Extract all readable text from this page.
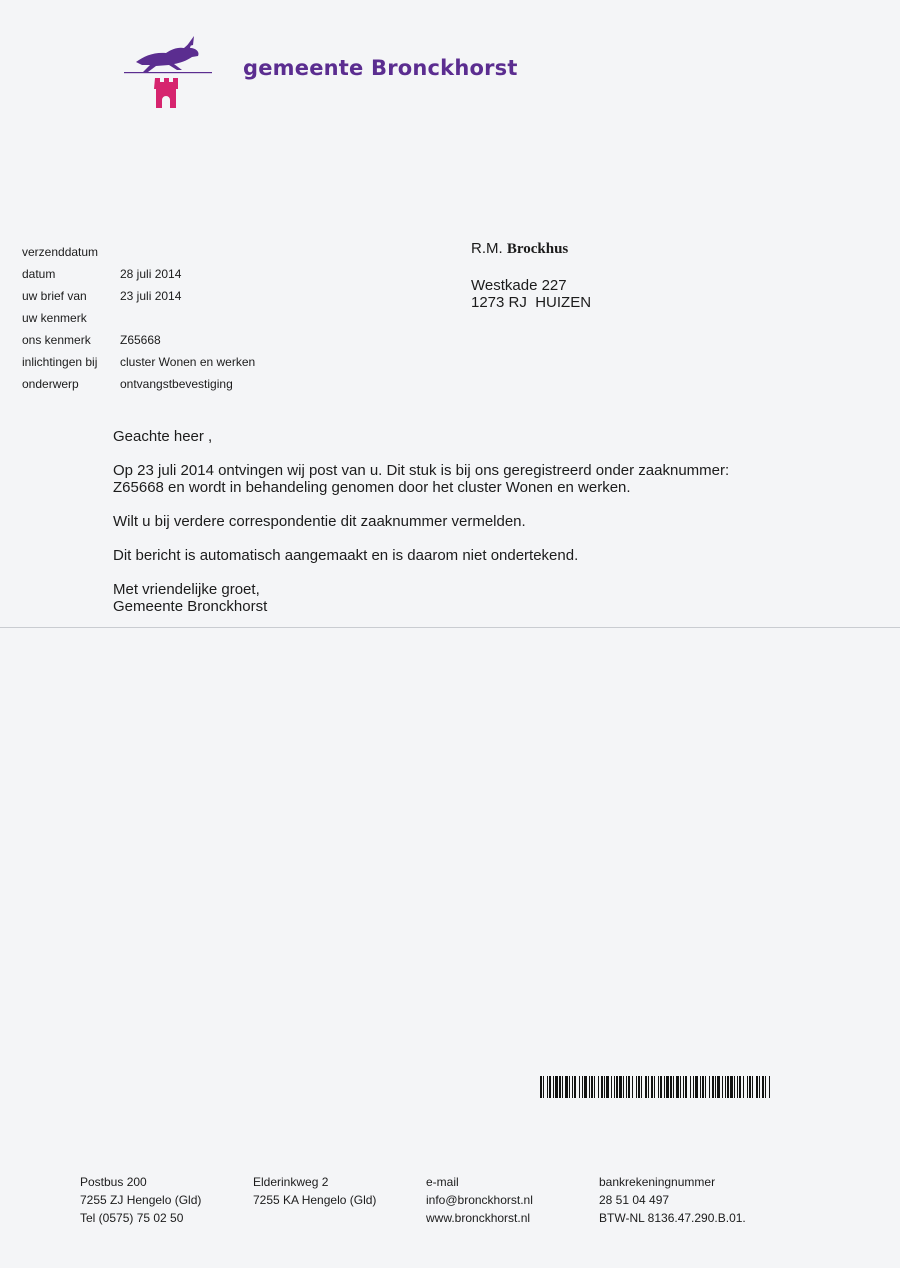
gemeente Bronckhorst
verzenddatum
datum	28 juli 2014
uw brief van	23 juli 2014
uw kenmerk
ons kenmerk	Z65668
inlichtingen bij	cluster Wonen en werken
onderwerp	ontvangstbevestiging
R.M. Brockhus
Westkade 227
1273 RJ  HUIZEN

Geachte heer ,

Op 23 juli 2014 ontvingen wij post van u. Dit stuk is bij ons geregistreerd onder zaaknummer: Z65668 en wordt in behandeling genomen door het cluster Wonen en werken.

Wilt u bij verdere correspondentie dit zaaknummer vermelden.

Dit bericht is automatisch aangemaakt en is daarom niet ondertekend.

Met vriendelijke groet,

Gemeente Bronckhorst

Postbus 200
7255 ZJ Hengelo (Gld)
Tel (0575) 75 02 50
Elderinkweg 2
7255 KA Hengelo (Gld)
e-mail
info@bronckhorst.nl
www.bronckhorst.nl
bankrekeningnummer
28 51 04 497
BTW-NL 8136.47.290.B.01.
